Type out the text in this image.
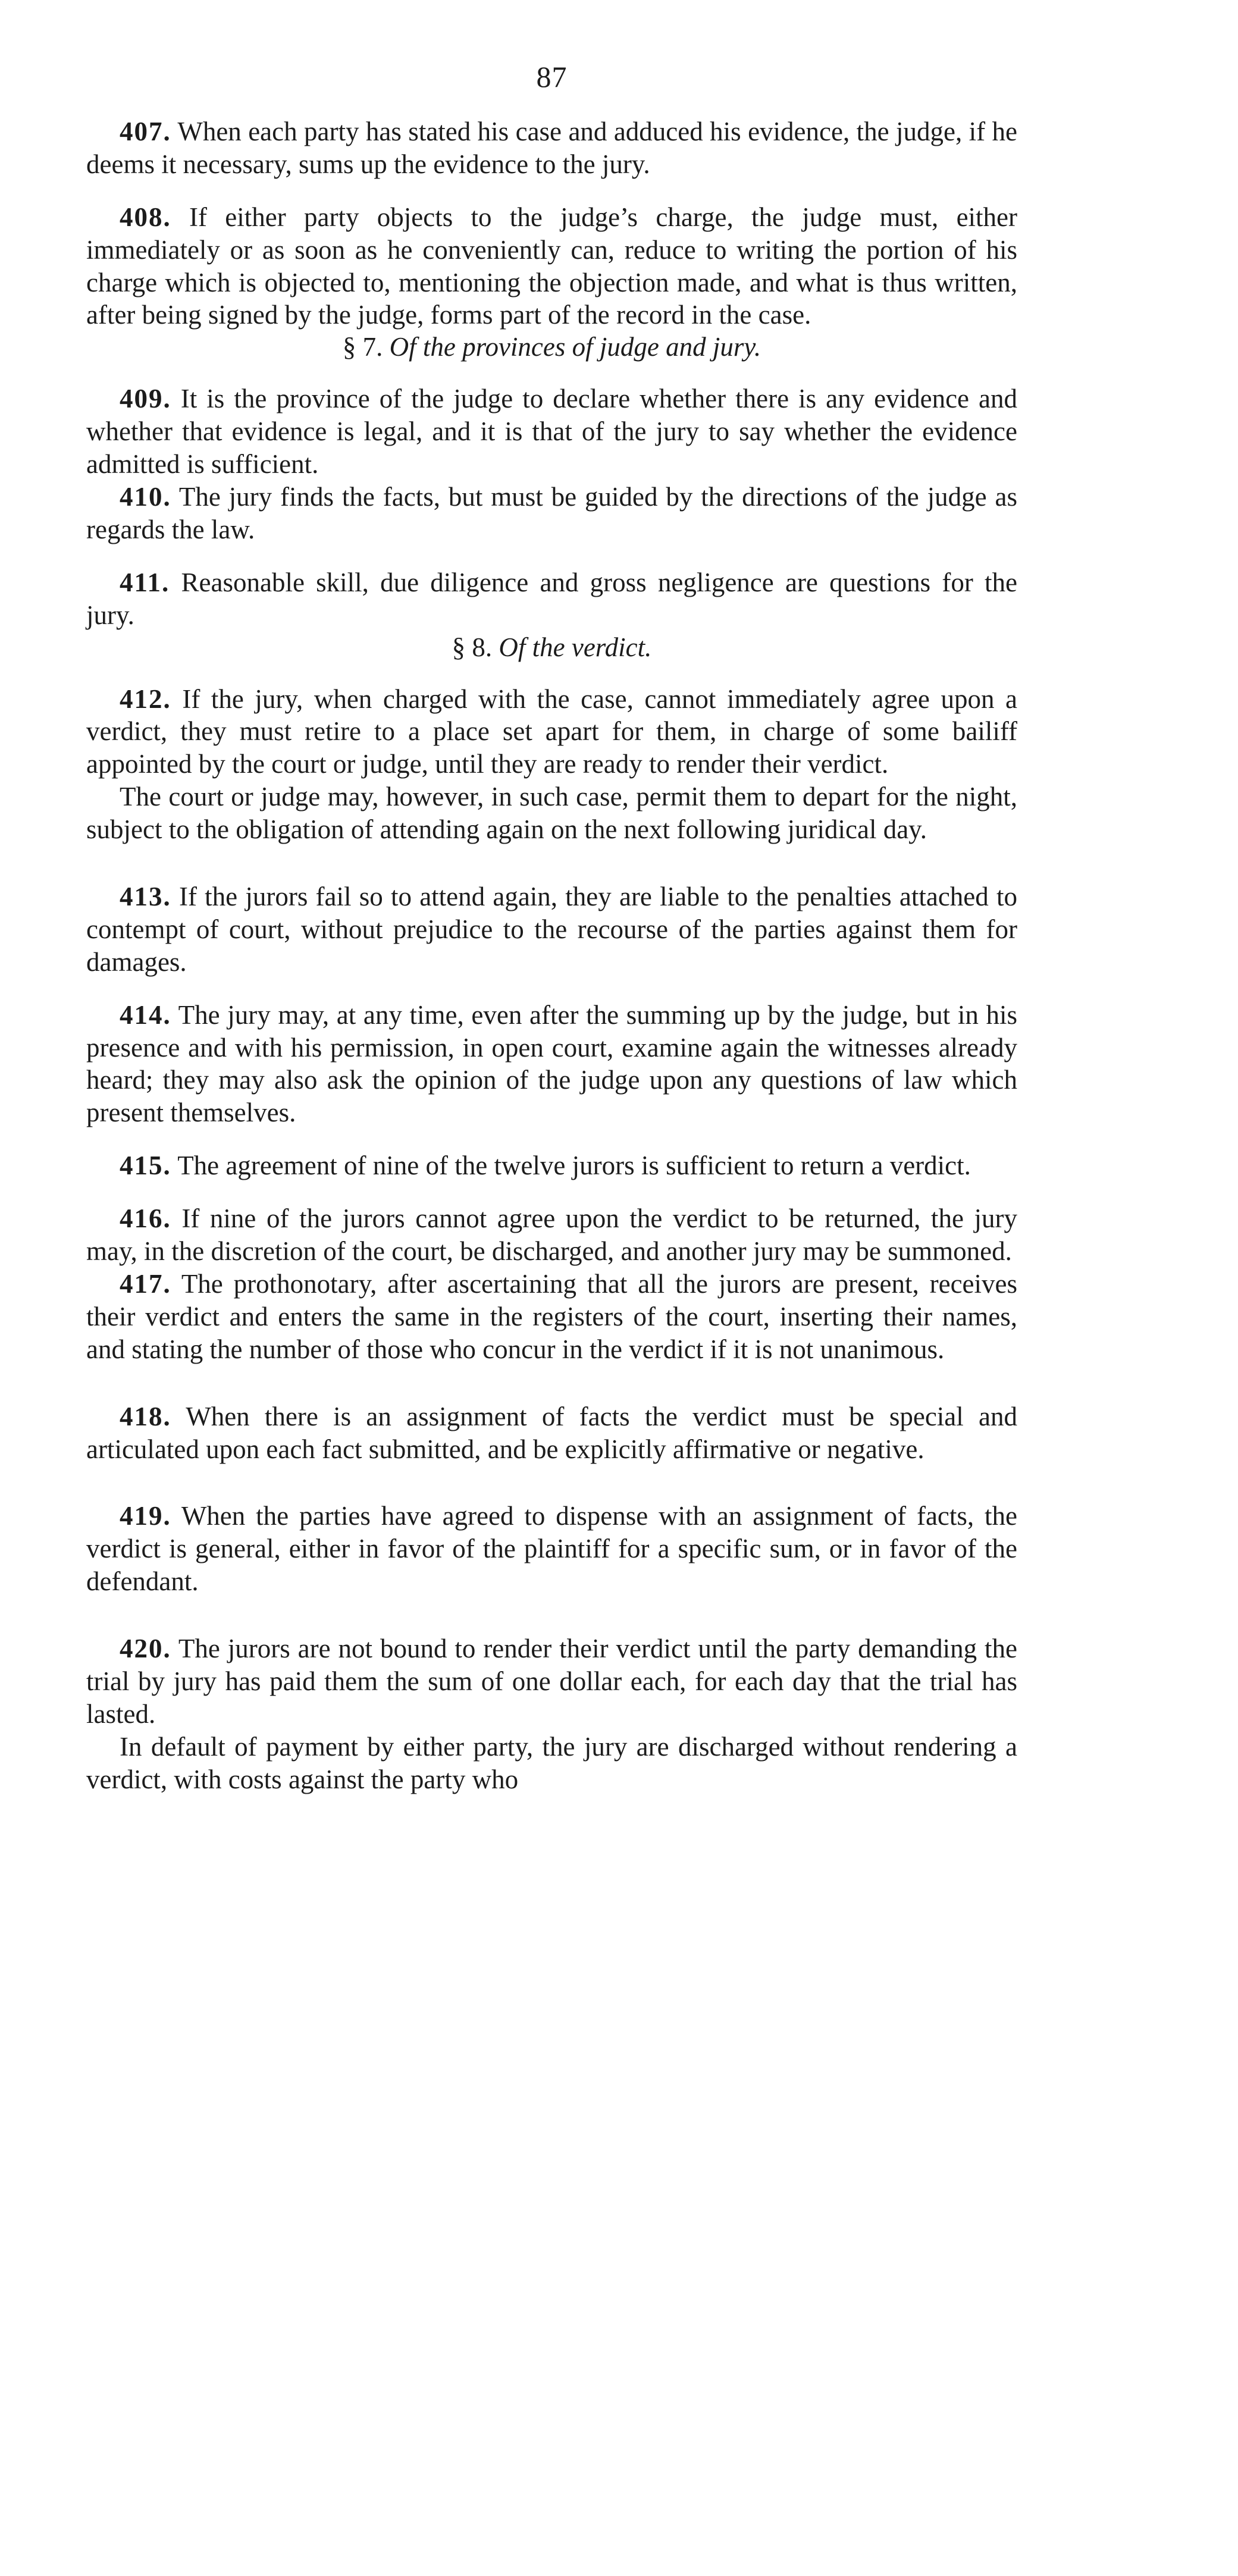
87

407. When each party has stated his case and adduced his evidence, the judge, if he deems it necessary, sums up the evidence to the jury.

408. If either party objects to the judge’s charge, the judge must, either immediately or as soon as he conveniently can, reduce to writing the portion of his charge which is objected to, mentioning the objection made, and what is thus written, after being signed by the judge, forms part of the record in the case.

§ 7. Of the provinces of judge and jury.

409. It is the province of the judge to declare whether there is any evidence and whether that evidence is legal, and it is that of the jury to say whether the evidence admitted is sufficient.

410. The jury finds the facts, but must be guided by the directions of the judge as regards the law.

411. Reasonable skill, due diligence and gross negligence are questions for the jury.

§ 8. Of the verdict.

412. If the jury, when charged with the case, cannot immediately agree upon a verdict, they must retire to a place set apart for them, in charge of some bailiff appointed by the court or judge, until they are ready to render their verdict.

The court or judge may, however, in such case, permit them to depart for the night, subject to the obligation of attending again on the next following juridical day.

413. If the jurors fail so to attend again, they are liable to the penalties attached to contempt of court, without prejudice to the recourse of the parties against them for damages.

414. The jury may, at any time, even after the summing up by the judge, but in his presence and with his permission, in open court, examine again the witnesses already heard; they may also ask the opinion of the judge upon any questions of law which present themselves.

415. The agreement of nine of the twelve jurors is sufficient to return a verdict.

416. If nine of the jurors cannot agree upon the verdict to be returned, the jury may, in the discretion of the court, be discharged, and another jury may be summoned.

417. The prothonotary, after ascertaining that all the jurors are present, receives their verdict and enters the same in the registers of the court, inserting their names, and stating the number of those who concur in the verdict if it is not unanimous.

418. When there is an assignment of facts the verdict must be special and articulated upon each fact submitted, and be explicitly affirmative or negative.

419. When the parties have agreed to dispense with an assignment of facts, the verdict is general, either in favor of the plaintiff for a specific sum, or in favor of the defendant.

420. The jurors are not bound to render their verdict until the party demanding the trial by jury has paid them the sum of one dollar each, for each day that the trial has lasted.

In default of payment by either party, the jury are discharged without rendering a verdict, with costs against the party who
